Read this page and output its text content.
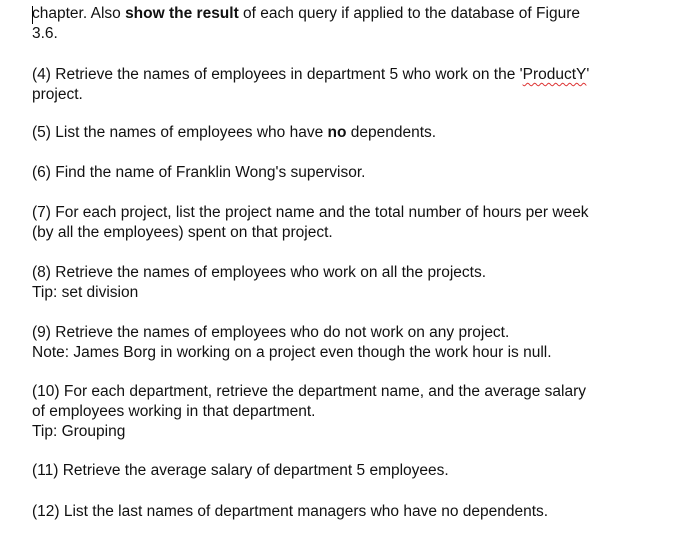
chapter. Also show the result of each query if applied to the database of Figure
3.6.

(4) Retrieve the names of employees in department 5 who work on the 'ProductY'
project.

(5) List the names of employees who have no dependents.

(6) Find the name of Franklin Wong's supervisor.

(7) For each project, list the project name and the total number of hours per week
(by all the employees) spent on that project.

(8) Retrieve the names of employees who work on all the projects.
Tip: set division

(9) Retrieve the names of employees who do not work on any project.
Note: James Borg in working on a project even though the work hour is null.

(10) For each department, retrieve the department name, and the average salary
of employees working in that department.
Tip: Grouping

(11) Retrieve the average salary of department 5 employees.

(12) List the last names of department managers who have no dependents.
